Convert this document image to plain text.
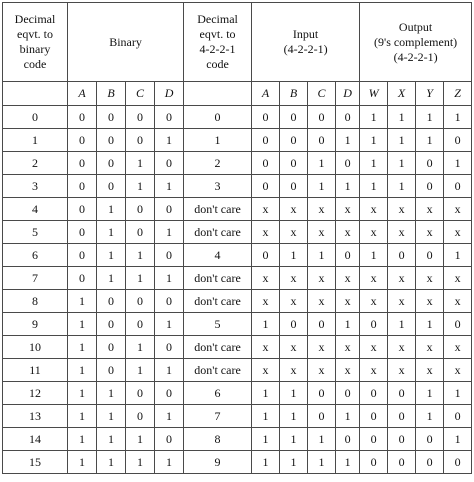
Decimal
eqvt. to
binary
code	Binary				Decimal
eqvt. to
4-2-2-1
code	Input
(4-2-2-1)				Output
(9's complement)
(4-2-2-1)			

	A	B	C	D		A	B	C	D	W	X	Y	Z
0	0	0	0	0	0	0	0	0	0	1	1	1	1
1	0	0	0	1	1	0	0	0	1	1	1	1	0
2	0	0	1	0	2	0	0	1	0	1	1	0	1
3	0	0	1	1	3	0	0	1	1	1	1	0	0
4	0	1	0	0	don't care	x	x	x	x	x	x	x	x
5	0	1	0	1	don't care	x	x	x	x	x	x	x	x
6	0	1	1	0	4	0	1	1	0	1	0	0	1
7	0	1	1	1	don't care	x	x	x	x	x	x	x	x
8	1	0	0	0	don't care	x	x	x	x	x	x	x	x
9	1	0	0	1	5	1	0	0	1	0	1	1	0
10	1	0	1	0	don't care	x	x	x	x	x	x	x	x
11	1	0	1	1	don't care	x	x	x	x	x	x	x	x
12	1	1	0	0	6	1	1	0	0	0	0	1	1
13	1	1	0	1	7	1	1	0	1	0	0	1	0
14	1	1	1	0	8	1	1	1	0	0	0	0	1
15	1	1	1	1	9	1	1	1	1	0	0	0	0
